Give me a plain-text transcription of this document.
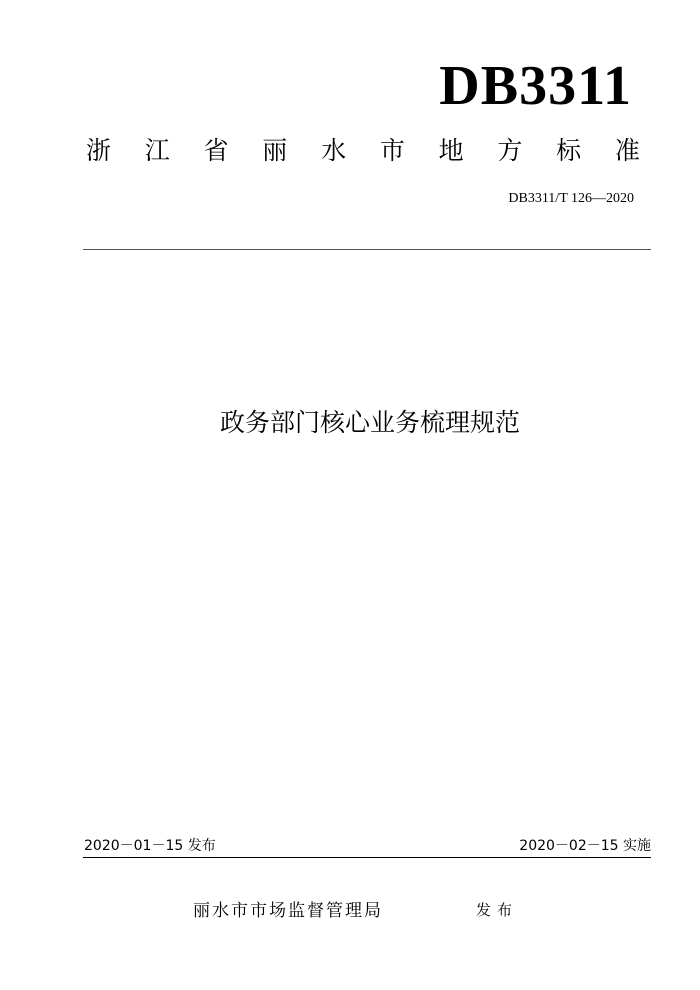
DB3311
浙 江 省 丽 水 市 地 方 标 准
DB3311/T 126—2020
政务部门核心业务梳理规范
2020－01－15 发布	2020－02－15 实施
丽水市市场监督管理局	发布
